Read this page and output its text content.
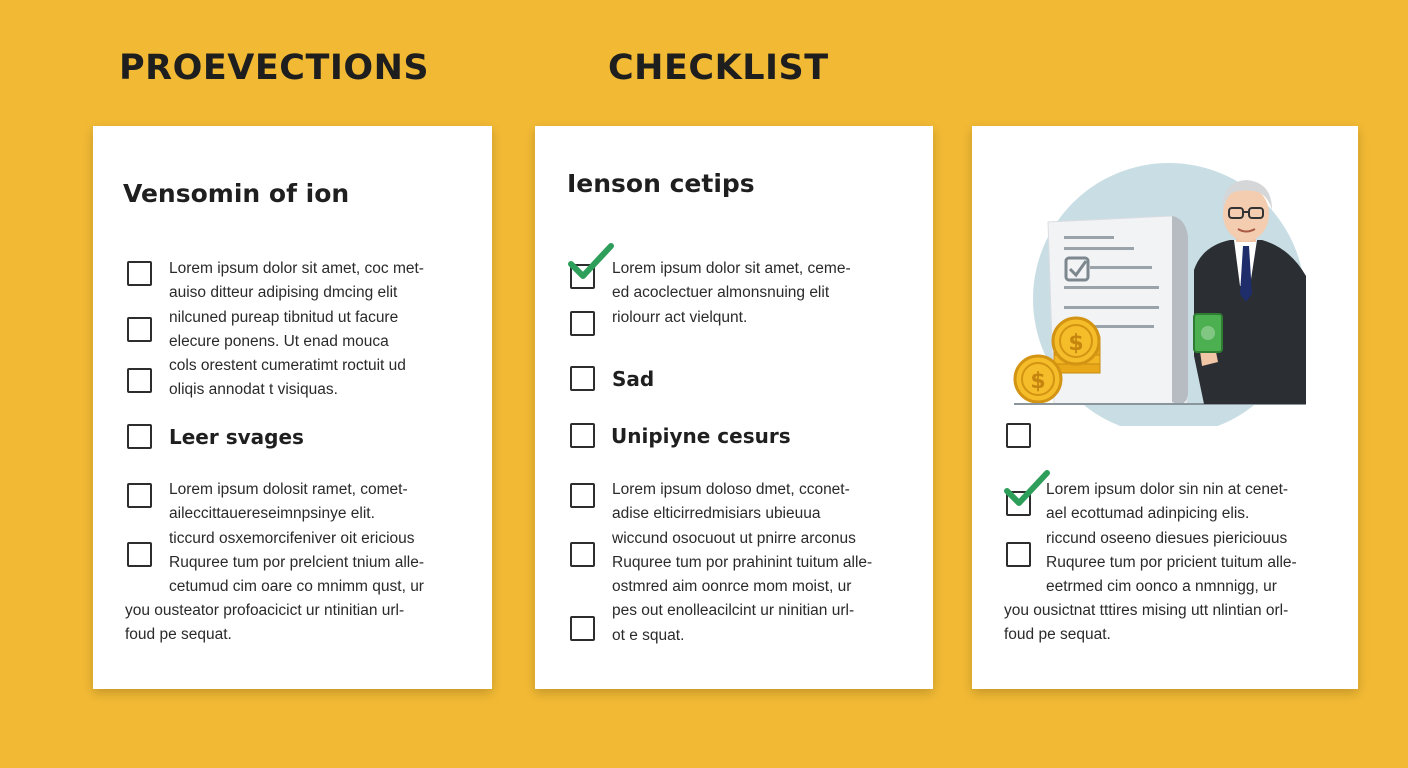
PROEVECTIONS	CHECKLIST
Vensomin of ion
Lorem ipsum dolor sit amet, coc met-
auiso ditteur adipising dmcing elit
nilcuned pureap tibnitud ut facure
elecure ponens. Ut enad mouca
cols orestent cumeratimt roctuit ud
oliqis annodat t visiquas.
Leer svages
Lorem ipsum dolosit ramet, comet-
aileccittauereseimnpsinye elit.
ticcurd osxemorcifeniver oit ericious
Ruquree tum por prelcient tnium alle-
cetumud cim oare co mnimm qust, ur
you ousteator profoacicict ur ntinitian url-
foud pe sequat.
Ienson cetips
Lorem ipsum dolor sit amet, ceme-
ed acoclectuer almonsnuing elit
riolourr act vielqunt.
Sad
Unipiyne cesurs
Lorem ipsum doloso dmet, cconet-
adise elticirredmisiars ubieuua
wiccund osocuout ut pnirre arconus
Ruquree tum por prahinint tuitum alle-
ostmred aim oonrce mom moist, ur
pes out enolleacilcint ur ninitian url-
ot e squat.
$
$
Lorem ipsum dolor sin nin at cenet-
ael ecottumad adinpicing elis.
riccund oseeno diesues piericiouus
Ruquree tum por pricient tuitum alle-
eetrmed cim oonco a nmnnigg, ur
you ousictnat tttires mising utt nlintian orl-
foud pe sequat.
